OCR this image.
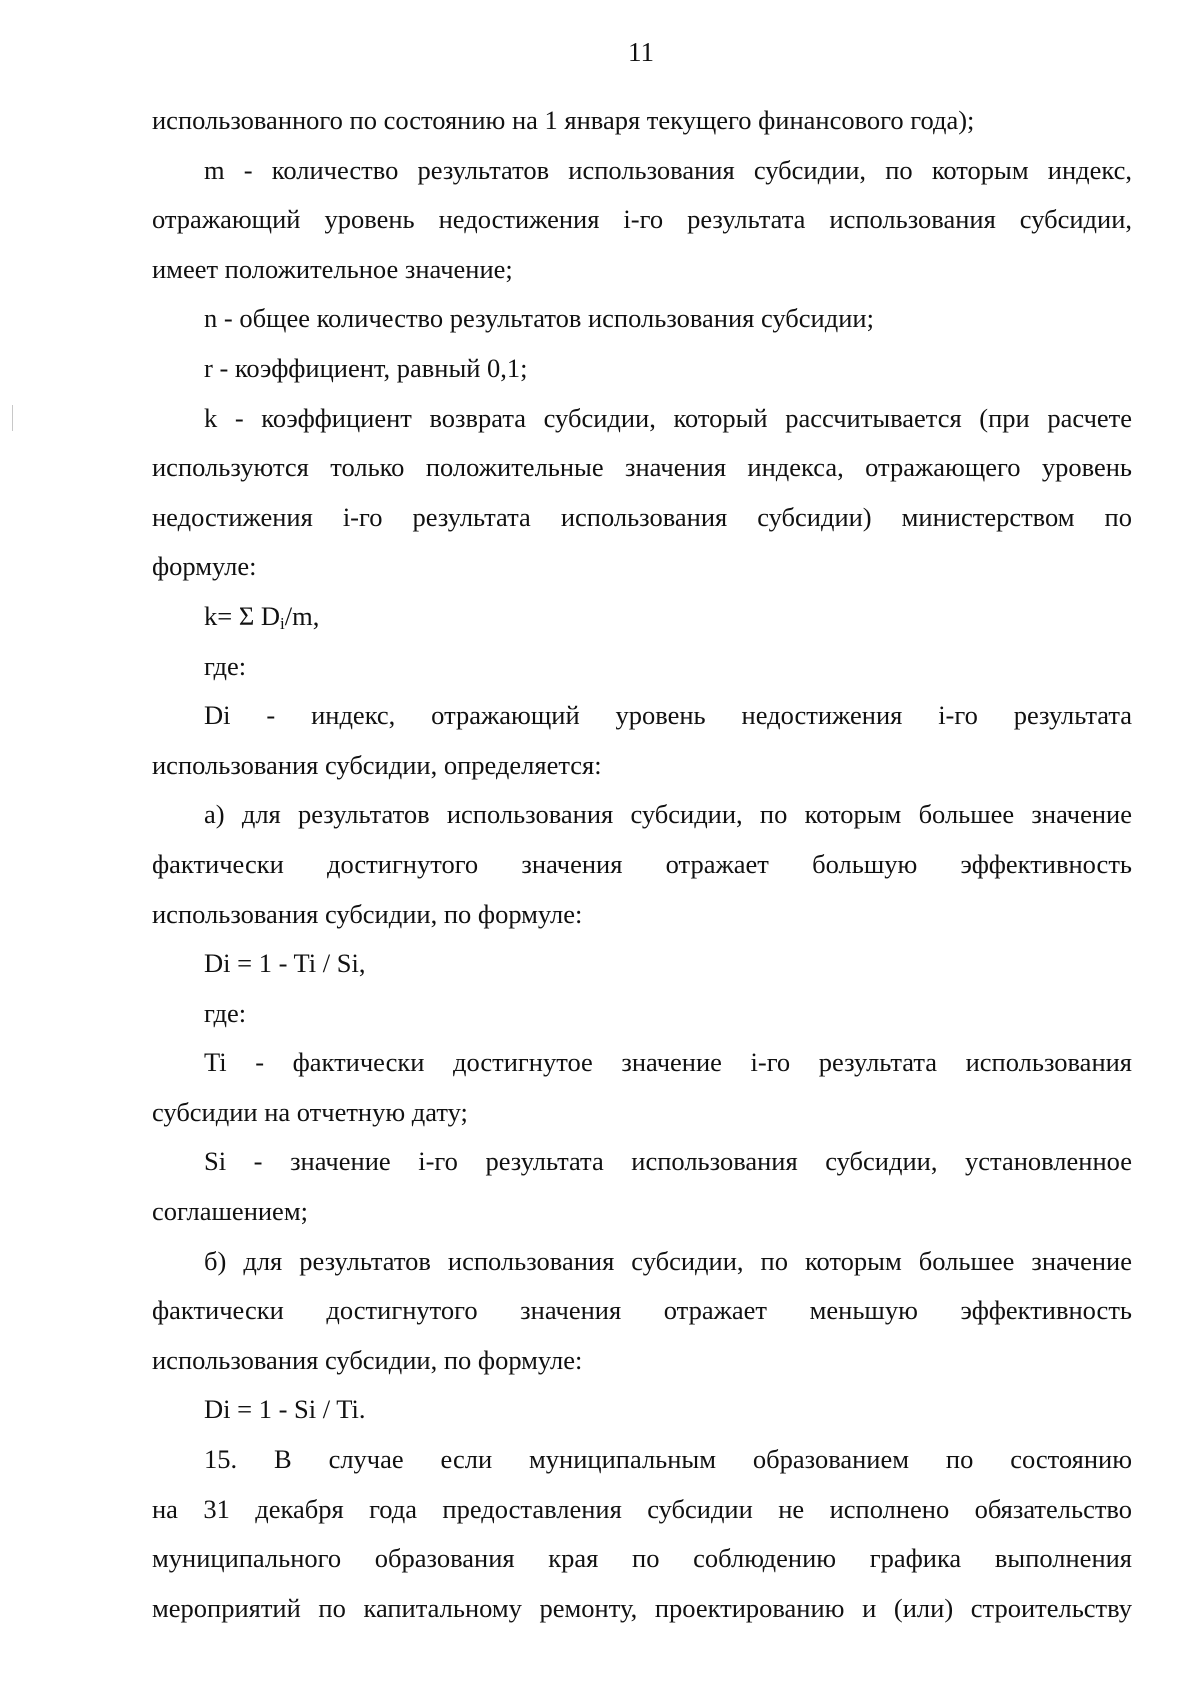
11
использованного по состоянию на 1 января текущего финансового года);
m - количество результатов использования субсидии, по которым индекс,
отражающий уровень недостижения i-го результата использования субсидии,
имеет положительное значение;
n - общее количество результатов использования субсидии;
r - коэффициент, равный 0,1;
k - коэффициент возврата субсидии, который рассчитывается (при расчете
используются только положительные значения индекса, отражающего уровень
недостижения i-го результата использования субсидии) министерством по
формуле:
k= Σ $D_i/m$,
где:
Di - индекс, отражающий уровень недостижения i-го результата
использования субсидии, определяется:
а) для результатов использования субсидии, по которым большее значение
фактически достигнутого значения отражает большую эффективность
использования субсидии, по формуле:
Di = 1 - Ti / Si,
где:
Ti - фактически достигнутое значение i-го результата использования
субсидии на отчетную дату;
Si - значение i-го результата использования субсидии, установленное
соглашением;
б) для результатов использования субсидии, по которым большее значение
фактически достигнутого значения отражает меньшую эффективность
использования субсидии, по формуле:
Di = 1 - Si / Ti.
15. В случае если муниципальным образованием по состоянию
на 31 декабря года предоставления субсидии не исполнено обязательство
муниципального образования края по соблюдению графика выполнения
мероприятий по капитальному ремонту, проектированию и (или) строительству
